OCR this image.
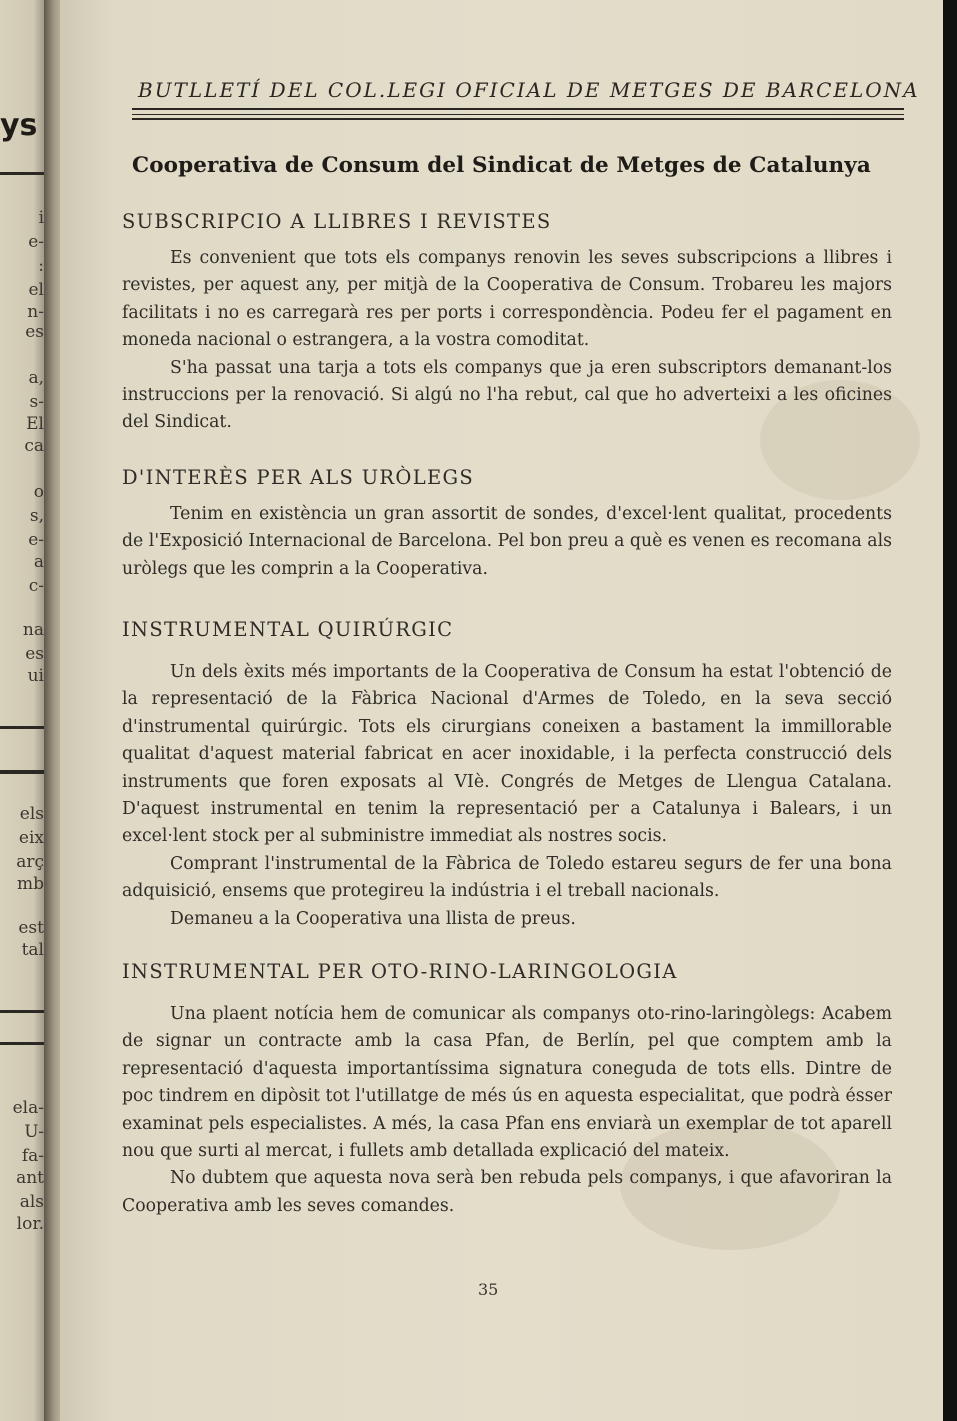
ys
i
e-
:
el
n-
es
a,
s-
El
ca
o
s,
e-
a
c-
na
es
ui
els
eix
arç
mb
est
tal
ela-
U-
fa-
ant
als
lor.
BUTLLETÍ DEL COL.LEGI OFICIAL DE METGES DE BARCELONA
Cooperativa de Consum del Sindicat de Metges de Catalunya
SUBSCRIPCIO A LLIBRES I REVISTES

Es convenient que tots els companys renovin les seves subscripcions a llibres i revistes, per aquest any, per mitjà de la Cooperativa de Consum. Trobareu les majors facilitats i no es carregarà res per ports i correspondència. Podeu fer el pagament en moneda nacional o estrangera, a la vostra comoditat.

S'ha passat una tarja a tots els companys que ja eren subscriptors demanant-los instruccions per la renovació. Si algú no l'ha rebut, cal que ho adverteixi a les oficines del Sindicat.

D'INTERÈS PER ALS URÒLEGS

Tenim en existència un gran assortit de sondes, d'excel·lent qualitat, procedents de l'Exposició Internacional de Barcelona. Pel bon preu a què es venen es recomana als uròlegs que les comprin a la Cooperativa.

INSTRUMENTAL QUIRÚRGIC

Un dels èxits més importants de la Cooperativa de Consum ha estat l'obtenció de la representació de la Fàbrica Nacional d'Armes de Toledo, en la seva secció d'instrumental quirúrgic. Tots els cirurgians coneixen a bastament la immillorable qualitat d'aquest material fabricat en acer inoxidable, i la perfecta construcció dels instruments que foren exposats al VIè. Congrés de Metges de Llengua Catalana. D'aquest instrumental en tenim la representació per a Catalunya i Balears, i un excel·lent stock per al subministre immediat als nostres socis.

Comprant l'instrumental de la Fàbrica de Toledo estareu segurs de fer una bona adquisició, ensems que protegireu la indústria i el treball nacionals.

Demaneu a la Cooperativa una llista de preus.

INSTRUMENTAL PER OTO-RINO-LARINGOLOGIA

Una plaent notícia hem de comunicar als companys oto-rino-laringòlegs: Acabem de signar un contracte amb la casa Pfan, de Berlín, pel que comptem amb la representació d'aquesta importantíssima signatura coneguda de tots ells. Dintre de poc tindrem en dipòsit tot l'utillatge de més ús en aquesta especialitat, que podrà ésser examinat pels especialistes. A més, la casa Pfan ens enviarà un exemplar de tot aparell nou que surti al mercat, i fullets amb detallada explicació del mateix.

No dubtem que aquesta nova serà ben rebuda pels companys, i que afavoriran la Cooperativa amb les seves comandes.

35
